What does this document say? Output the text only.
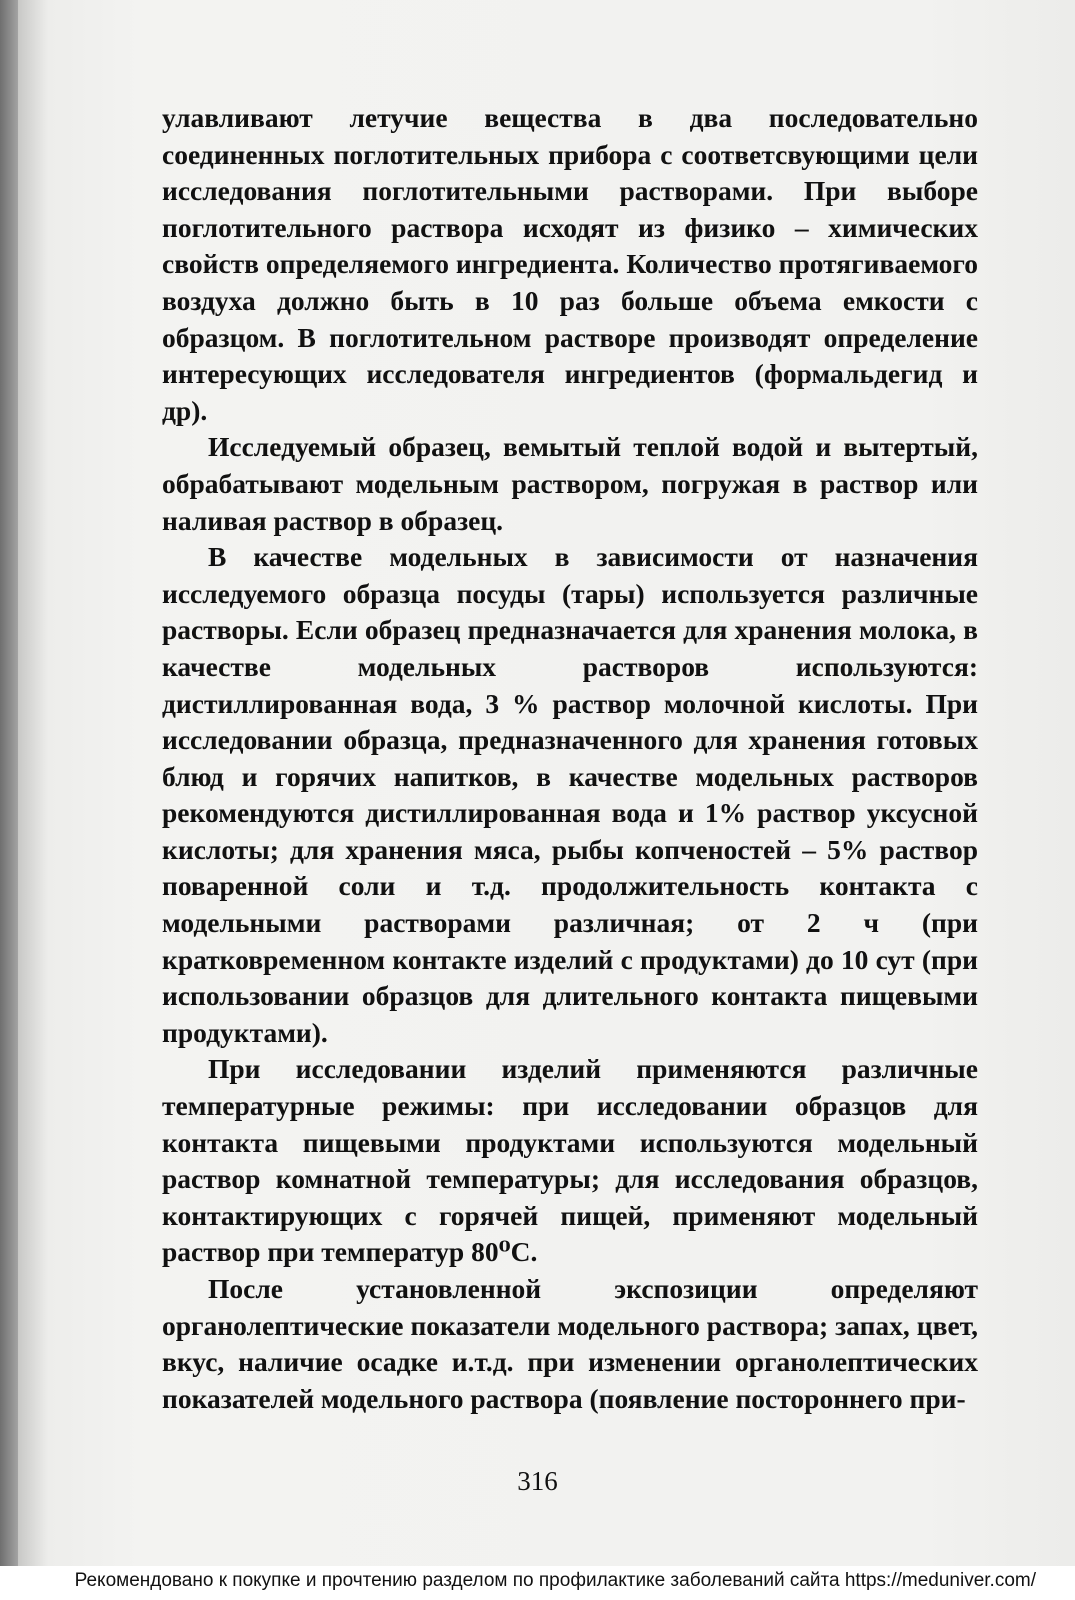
улавливают летучие вещества в два последовательно соединенных поглотительных прибора с соответсвующими цели исследования поглотительными растворами. При выборе поглотительного раствора исходят из физико – химических свойств определяемого ингредиента. Количество протягиваемого воздуха должно быть в 10 раз больше объема емкости с образцом. В поглотительном растворе производят определение интересующих исследователя ингредиентов (формальдегид и др).

Исследуемый образец, вемытый теплой водой и вытертый, обрабатывают модельным раствором, погружая в раствор или наливая раствор в образец.

В качестве модельных в зависимости от назначения исследуемого образца посуды (тары) используется различные растворы. Если образец предназначается для хранения молока, в качестве модельных растворов используются: дистиллированная вода, 3 % раствор молочной кислоты. При исследовании образца, предназначенного для хранения готовых блюд и горячих напитков, в качестве модельных растворов рекомендуются дистиллированная вода и 1% раствор уксусной кислоты; для хранения мяса, рыбы копченостей – 5% раствор поваренной соли и т.д. продолжительность контакта с модельными растворами различная; от 2 ч (при кратковременном контакте изделий с продуктами) до 10 сут (при использовании образцов для длительного контакта пищевыми продуктами).

При исследовании изделий применяются различные температурные режимы: при исследовании образцов для контакта пищевыми продуктами используются модельный раствор комнатной температуры; для исследования образцов, контактирующих с горячей пищей, применяют модельный раствор при температур 80⁰С.

После установленной экспозиции определяют органолептические показатели модельного раствора; запах, цвет, вкус, наличие осадке и.т.д. при изменении органолептических показателей модельного раствора (появление постороннего при-

316
Рекомендовано к покупке и прочтению разделом по профилактике заболеваний сайта https://meduniver.com/
